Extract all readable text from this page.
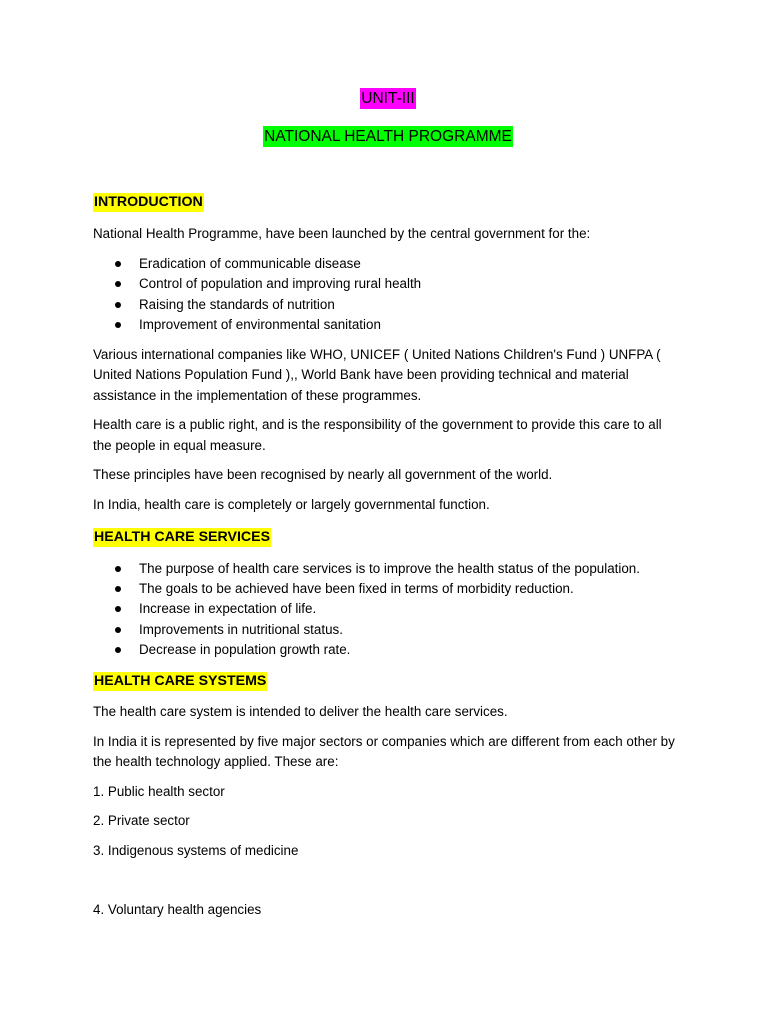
UNIT-III
NATIONAL HEALTH PROGRAMME
INTRODUCTION

National Health Programme, have been launched by the central government for the:

Eradication of communicable disease
Control of population and improving rural health
Raising the standards of nutrition
Improvement of environmental sanitation

Various international companies like WHO, UNICEF ( United Nations Children's Fund ) UNFPA ( United Nations Population Fund ),, World Bank have been providing technical and material assistance in the implementation of these programmes.

Health care is a public right, and is the responsibility of the government to provide this care to all the people in equal measure.

These principles have been recognised by nearly all government of the world.

In India, health care is completely or largely governmental function.

HEALTH CARE SERVICES
The purpose of health care services is to improve the health status of the population.
The goals to be achieved have been fixed in terms of morbidity reduction.
Increase in expectation of life.
Improvements in nutritional status.
Decrease in population growth rate.
HEALTH CARE SYSTEMS

The health care system is intended to deliver the health care services.

In India it is represented by five major sectors or companies which are different from each other by the health technology applied. These are:

1. Public health sector

2. Private sector

3. Indigenous systems of medicine

4. Voluntary health agencies
